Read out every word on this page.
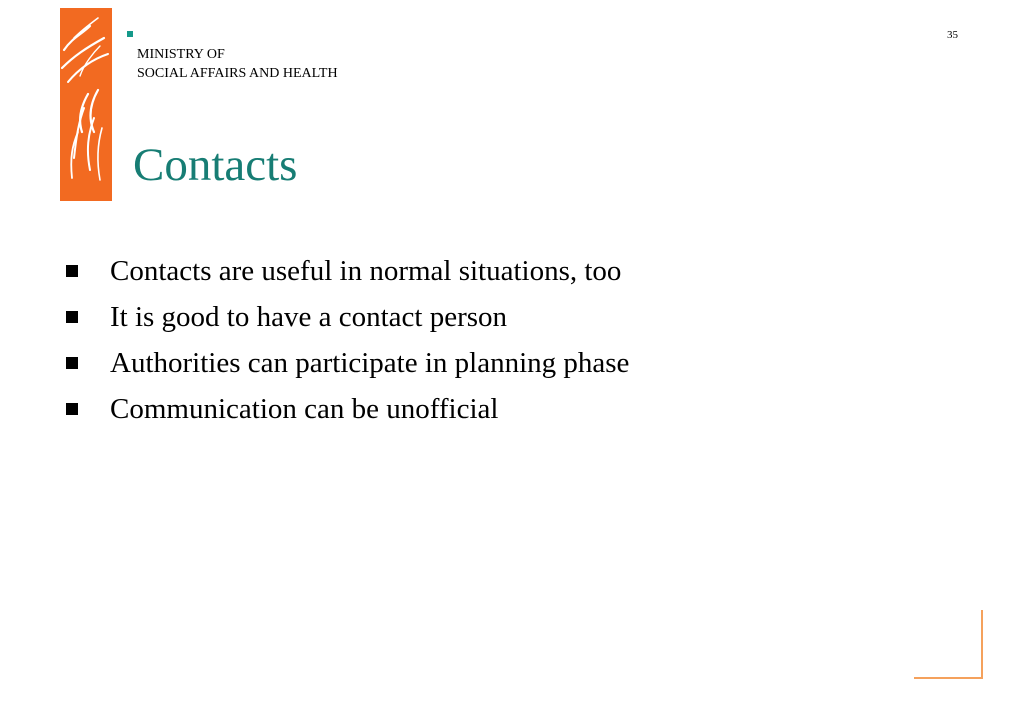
MINISTRY OF
SOCIAL AFFAIRS AND HEALTH
35
Contacts
Contacts are useful in normal situations, too
It is good to have a contact person
Authorities can participate in planning phase
Communication can be unofficial
